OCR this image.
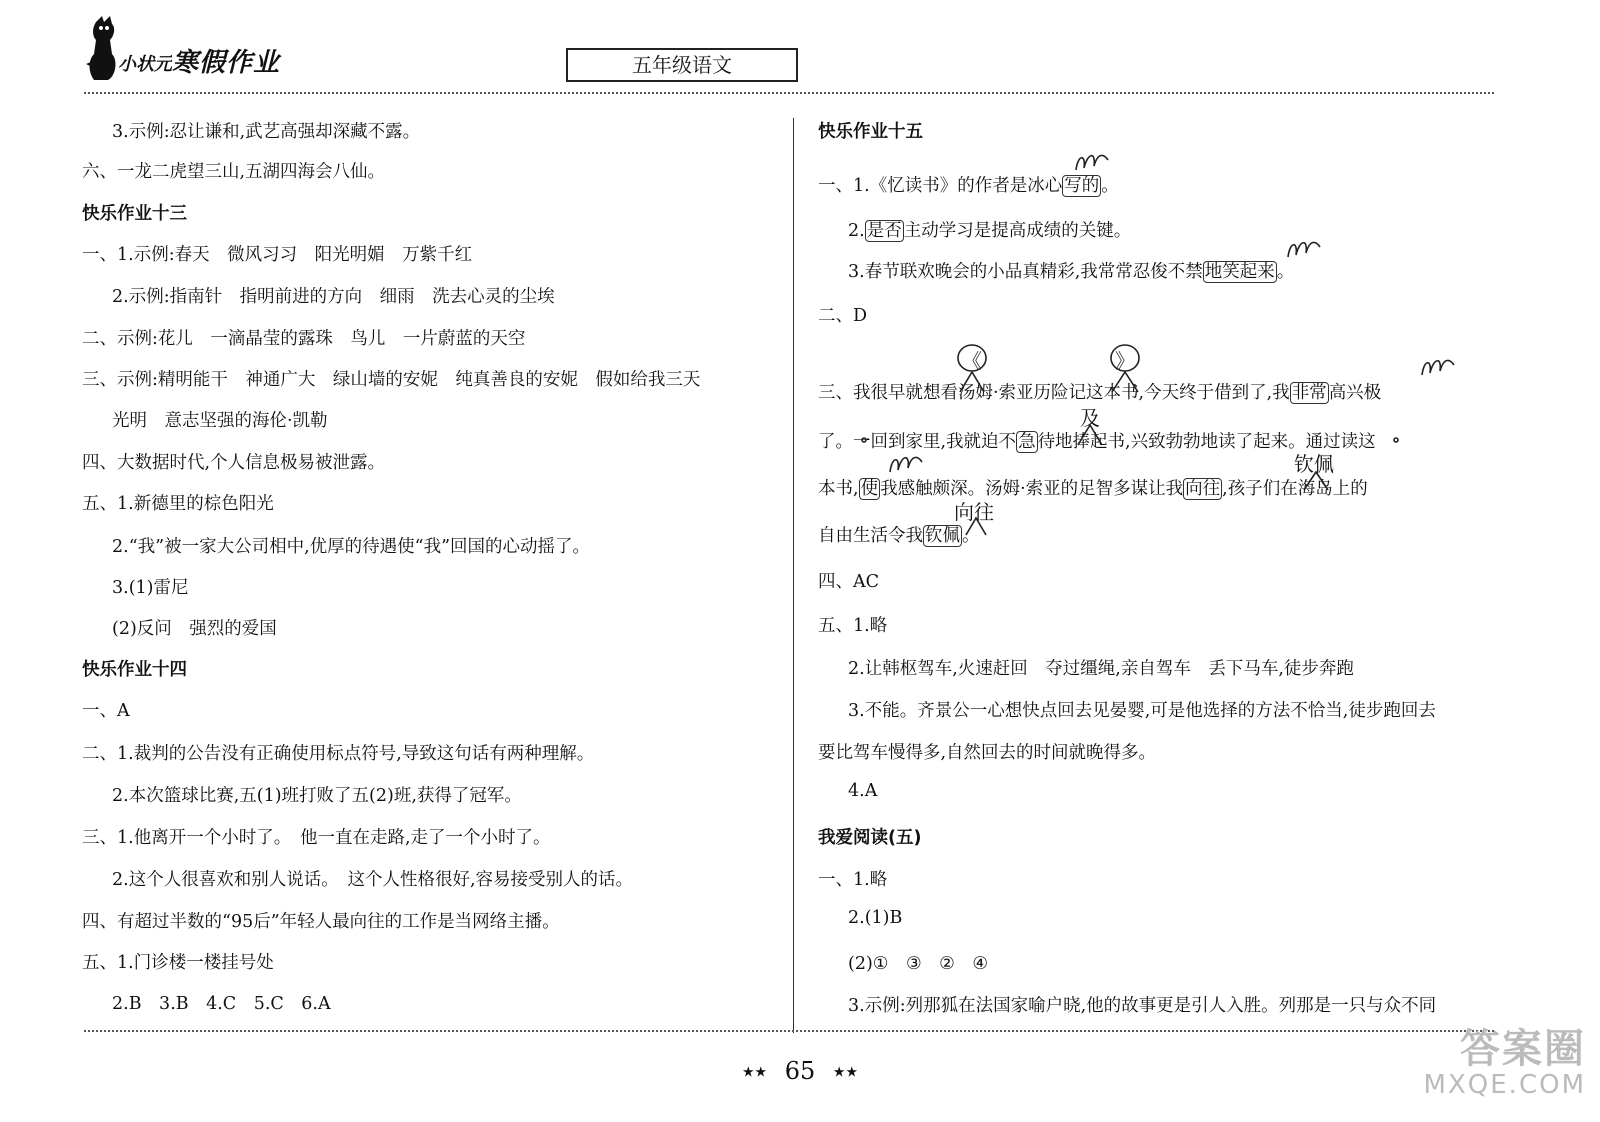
小状元 寒假作业	五年级语文
3.示例:忍让谦和,武艺高强却深藏不露。
六、一龙二虎望三山,五湖四海会八仙。
快乐作业十三
一、1.示例:春天　微风习习　阳光明媚　万紫千红
2.示例:指南针　指明前进的方向　细雨　洗去心灵的尘埃
二、示例:花儿　一滴晶莹的露珠　鸟儿　一片蔚蓝的天空
三、示例:精明能干　神通广大　绿山墙的安妮　纯真善良的安妮　假如给我三天
光明　意志坚强的海伦·凯勒
四、大数据时代,个人信息极易被泄露。
五、1.新德里的棕色阳光
2.“我”被一家大公司相中,优厚的待遇使“我”回国的心动摇了。
3.(1)雷尼
(2)反问　强烈的爱国
快乐作业十四
一、A
二、1.裁判的公告没有正确使用标点符号,导致这句话有两种理解。
2.本次篮球比赛,五(1)班打败了五(2)班,获得了冠军。
三、1.他离开一个小时了。　他一直在走路,走了一个小时了。
2.这个人很喜欢和别人说话。　这个人性格很好,容易接受别人的话。
四、有超过半数的“95后”年轻人最向往的工作是当网络主播。
五、1.门诊楼一楼挂号处
2.B　3.B　4.C　5.C　6.A
快乐作业十五
一、1.《忆读书》的作者是冰心 写的 。
2. 是否 主动学习是提高成绩的关键。
3.春节联欢晚会的小品真精彩,我常常忍俊不禁 地笑起来 。
二、D
三、我很早就想看汤姆·索亚历险记这本书,今天终于借到了,我 非常 高兴极
了。一回到家里,我就迫不 急 待地捧起书,兴致勃勃地读了起来。通过读这
本书, 使 我感触颇深。汤姆·索亚的足智多谋让我 向往 ,孩子们在海岛上的
自由生活令我 钦佩 。
四、AC
五、1.略
2.让韩枢驾车,火速赶回　夺过缰绳,亲自驾车　丢下马车,徒步奔跑
3.不能。齐景公一心想快点回去见晏婴,可是他选择的方法不恰当,徒步跑回去
要比驾车慢得多,自然回去的时间就晚得多。
4.A
我爱阅读(五)
一、1.略
2.(1)B
(2)①　③　②　④
3.示例:列那狐在法国家喻户晓,他的故事更是引人入胜。列那是一只与众不同
《	》
及
钦佩
向往
★★ 65 ★★
答案圈
MXQE.COM
